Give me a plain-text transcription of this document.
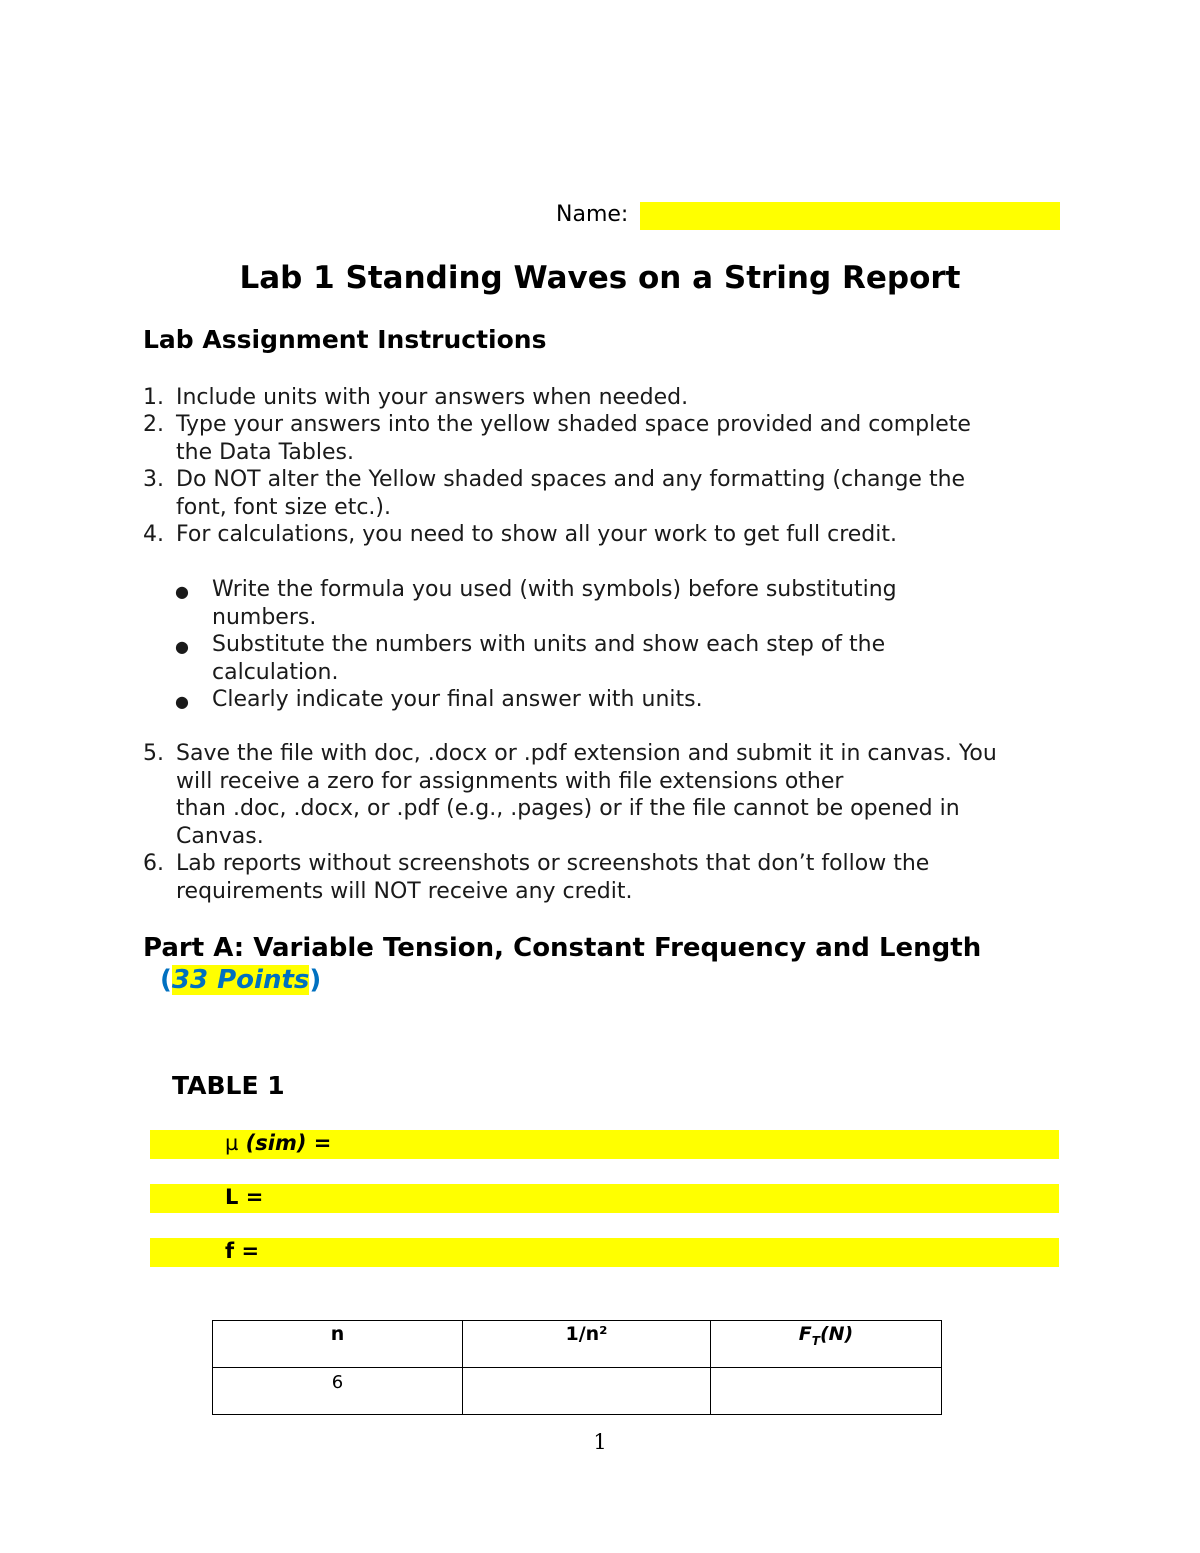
Name:
Lab 1 Standing Waves on a String Report
Lab Assignment Instructions
1. Include units with your answers when needed.
2. Type your answers into the yellow shaded space provided and complete
the Data Tables.
3. Do NOT alter the Yellow shaded spaces and any formatting (change the
font, font size etc.).
4. For calculations, you need to show all your work to get full credit.
● Write the formula you used (with symbols) before substituting
numbers.
● Substitute the numbers with units and show each step of the
calculation.
● Clearly indicate your final answer with units.
5. Save the file with doc, .docx or .pdf extension and submit it in canvas. You
will receive a zero for assignments with file extensions other
than .doc, .docx, or .pdf (e.g., .pages) or if the file cannot be opened in
Canvas.
6. Lab reports without screenshots or screenshots that don’t follow the
requirements will NOT receive any credit.
Part A: Variable Tension, Constant Frequency and Length
(33 Points)
TABLE 1
µ (sim) =
L =
f =
n	1/n²	$F_T(N)$
6		
1
